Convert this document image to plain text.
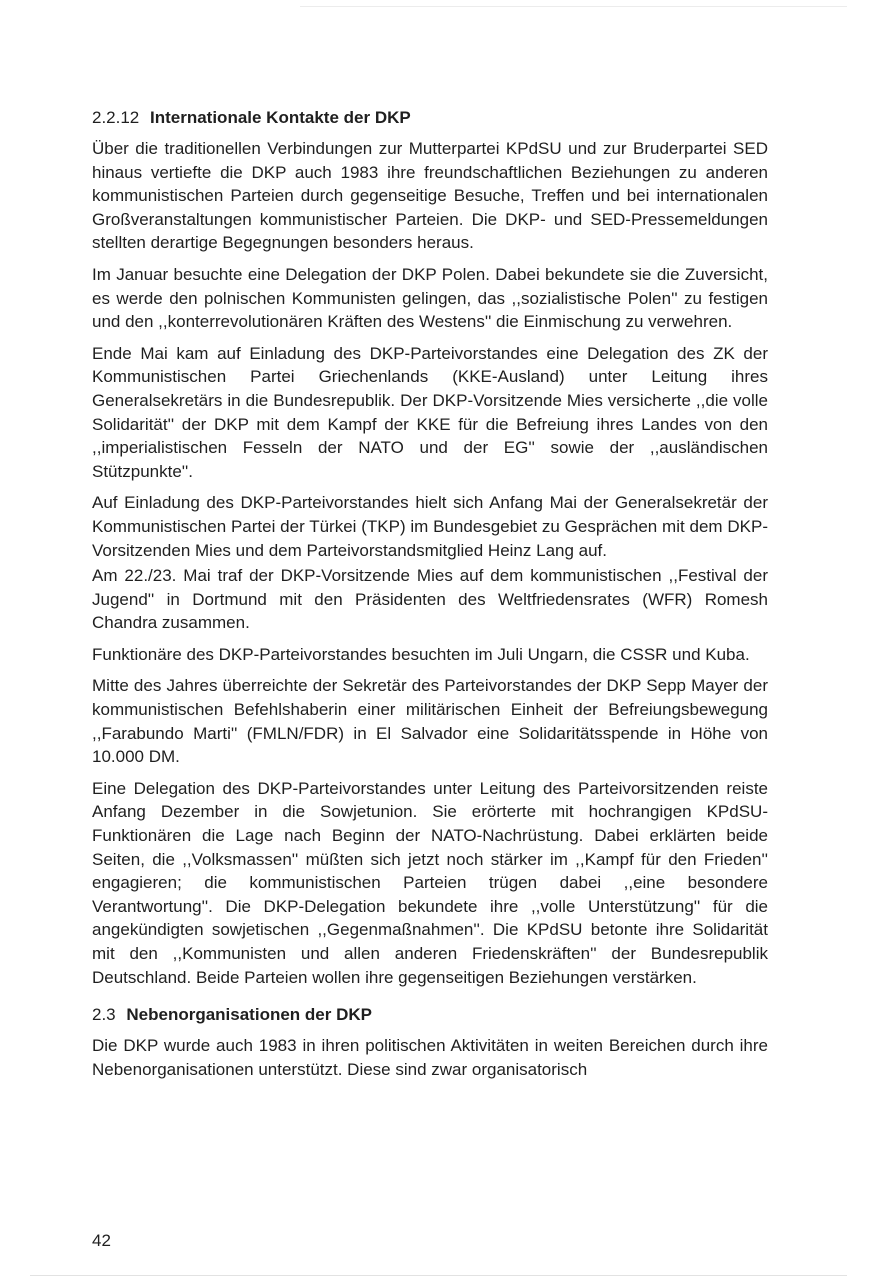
2.2.12 Internationale Kontakte der DKP

Über die traditionellen Verbindungen zur Mutterpartei KPdSU und zur Bruderpartei SED hinaus vertiefte die DKP auch 1983 ihre freundschaftlichen Beziehungen zu anderen kommunistischen Parteien durch gegenseitige Besuche, Treffen und bei internationalen Großveranstaltungen kommunistischer Parteien. Die DKP- und SED-Pressemeldungen stellten derartige Begegnungen besonders heraus.

Im Januar besuchte eine Delegation der DKP Polen. Dabei bekundete sie die Zuversicht, es werde den polnischen Kommunisten gelingen, das ,,sozialistische Polen'' zu festigen und den ,,konterrevolutionären Kräften des Westens'' die Einmischung zu verwehren.

Ende Mai kam auf Einladung des DKP-Parteivorstandes eine Delegation des ZK der Kommunistischen Partei Griechenlands (KKE-Ausland) unter Leitung ihres Generalsekretärs in die Bundesrepublik. Der DKP-Vorsitzende Mies versicherte ,,die volle Solidarität'' der DKP mit dem Kampf der KKE für die Befreiung ihres Landes von den ,,imperialistischen Fesseln der NATO und der EG'' sowie der ,,ausländischen Stützpunkte''.

Auf Einladung des DKP-Parteivorstandes hielt sich Anfang Mai der Generalsekretär der Kommunistischen Partei der Türkei (TKP) im Bundesgebiet zu Gesprächen mit dem DKP-Vorsitzenden Mies und dem Parteivorstandsmitglied Heinz Lang auf.

Am 22./23. Mai traf der DKP-Vorsitzende Mies auf dem kommunistischen ,,Festival der Jugend'' in Dortmund mit den Präsidenten des Weltfriedensrates (WFR) Romesh Chandra zusammen.

Funktionäre des DKP-Parteivorstandes besuchten im Juli Ungarn, die CSSR und Kuba.

Mitte des Jahres überreichte der Sekretär des Parteivorstandes der DKP Sepp Mayer der kommunistischen Befehlshaberin einer militärischen Einheit der Befreiungsbewegung ,,Farabundo Marti'' (FMLN/FDR) in El Salvador eine Solidaritätsspende in Höhe von 10.000 DM.

Eine Delegation des DKP-Parteivorstandes unter Leitung des Parteivorsitzenden reiste Anfang Dezember in die Sowjetunion. Sie erörterte mit hochrangigen KPdSU-Funktionären die Lage nach Beginn der NATO-Nachrüstung. Dabei erklärten beide Seiten, die ,,Volksmassen'' müßten sich jetzt noch stärker im ,,Kampf für den Frieden'' engagieren; die kommunistischen Parteien trügen dabei ,,eine besondere Verantwortung''. Die DKP-Delegation bekundete ihre ,,volle Unterstützung'' für die angekündigten sowjetischen ,,Gegenmaßnahmen''. Die KPdSU betonte ihre Solidarität mit den ,,Kommunisten und allen anderen Friedenskräften'' der Bundesrepublik Deutschland. Beide Parteien wollen ihre gegenseitigen Beziehungen verstärken.

2.3 Nebenorganisationen der DKP

Die DKP wurde auch 1983 in ihren politischen Aktivitäten in weiten Bereichen durch ihre Nebenorganisationen unterstützt. Diese sind zwar organisatorisch

42
